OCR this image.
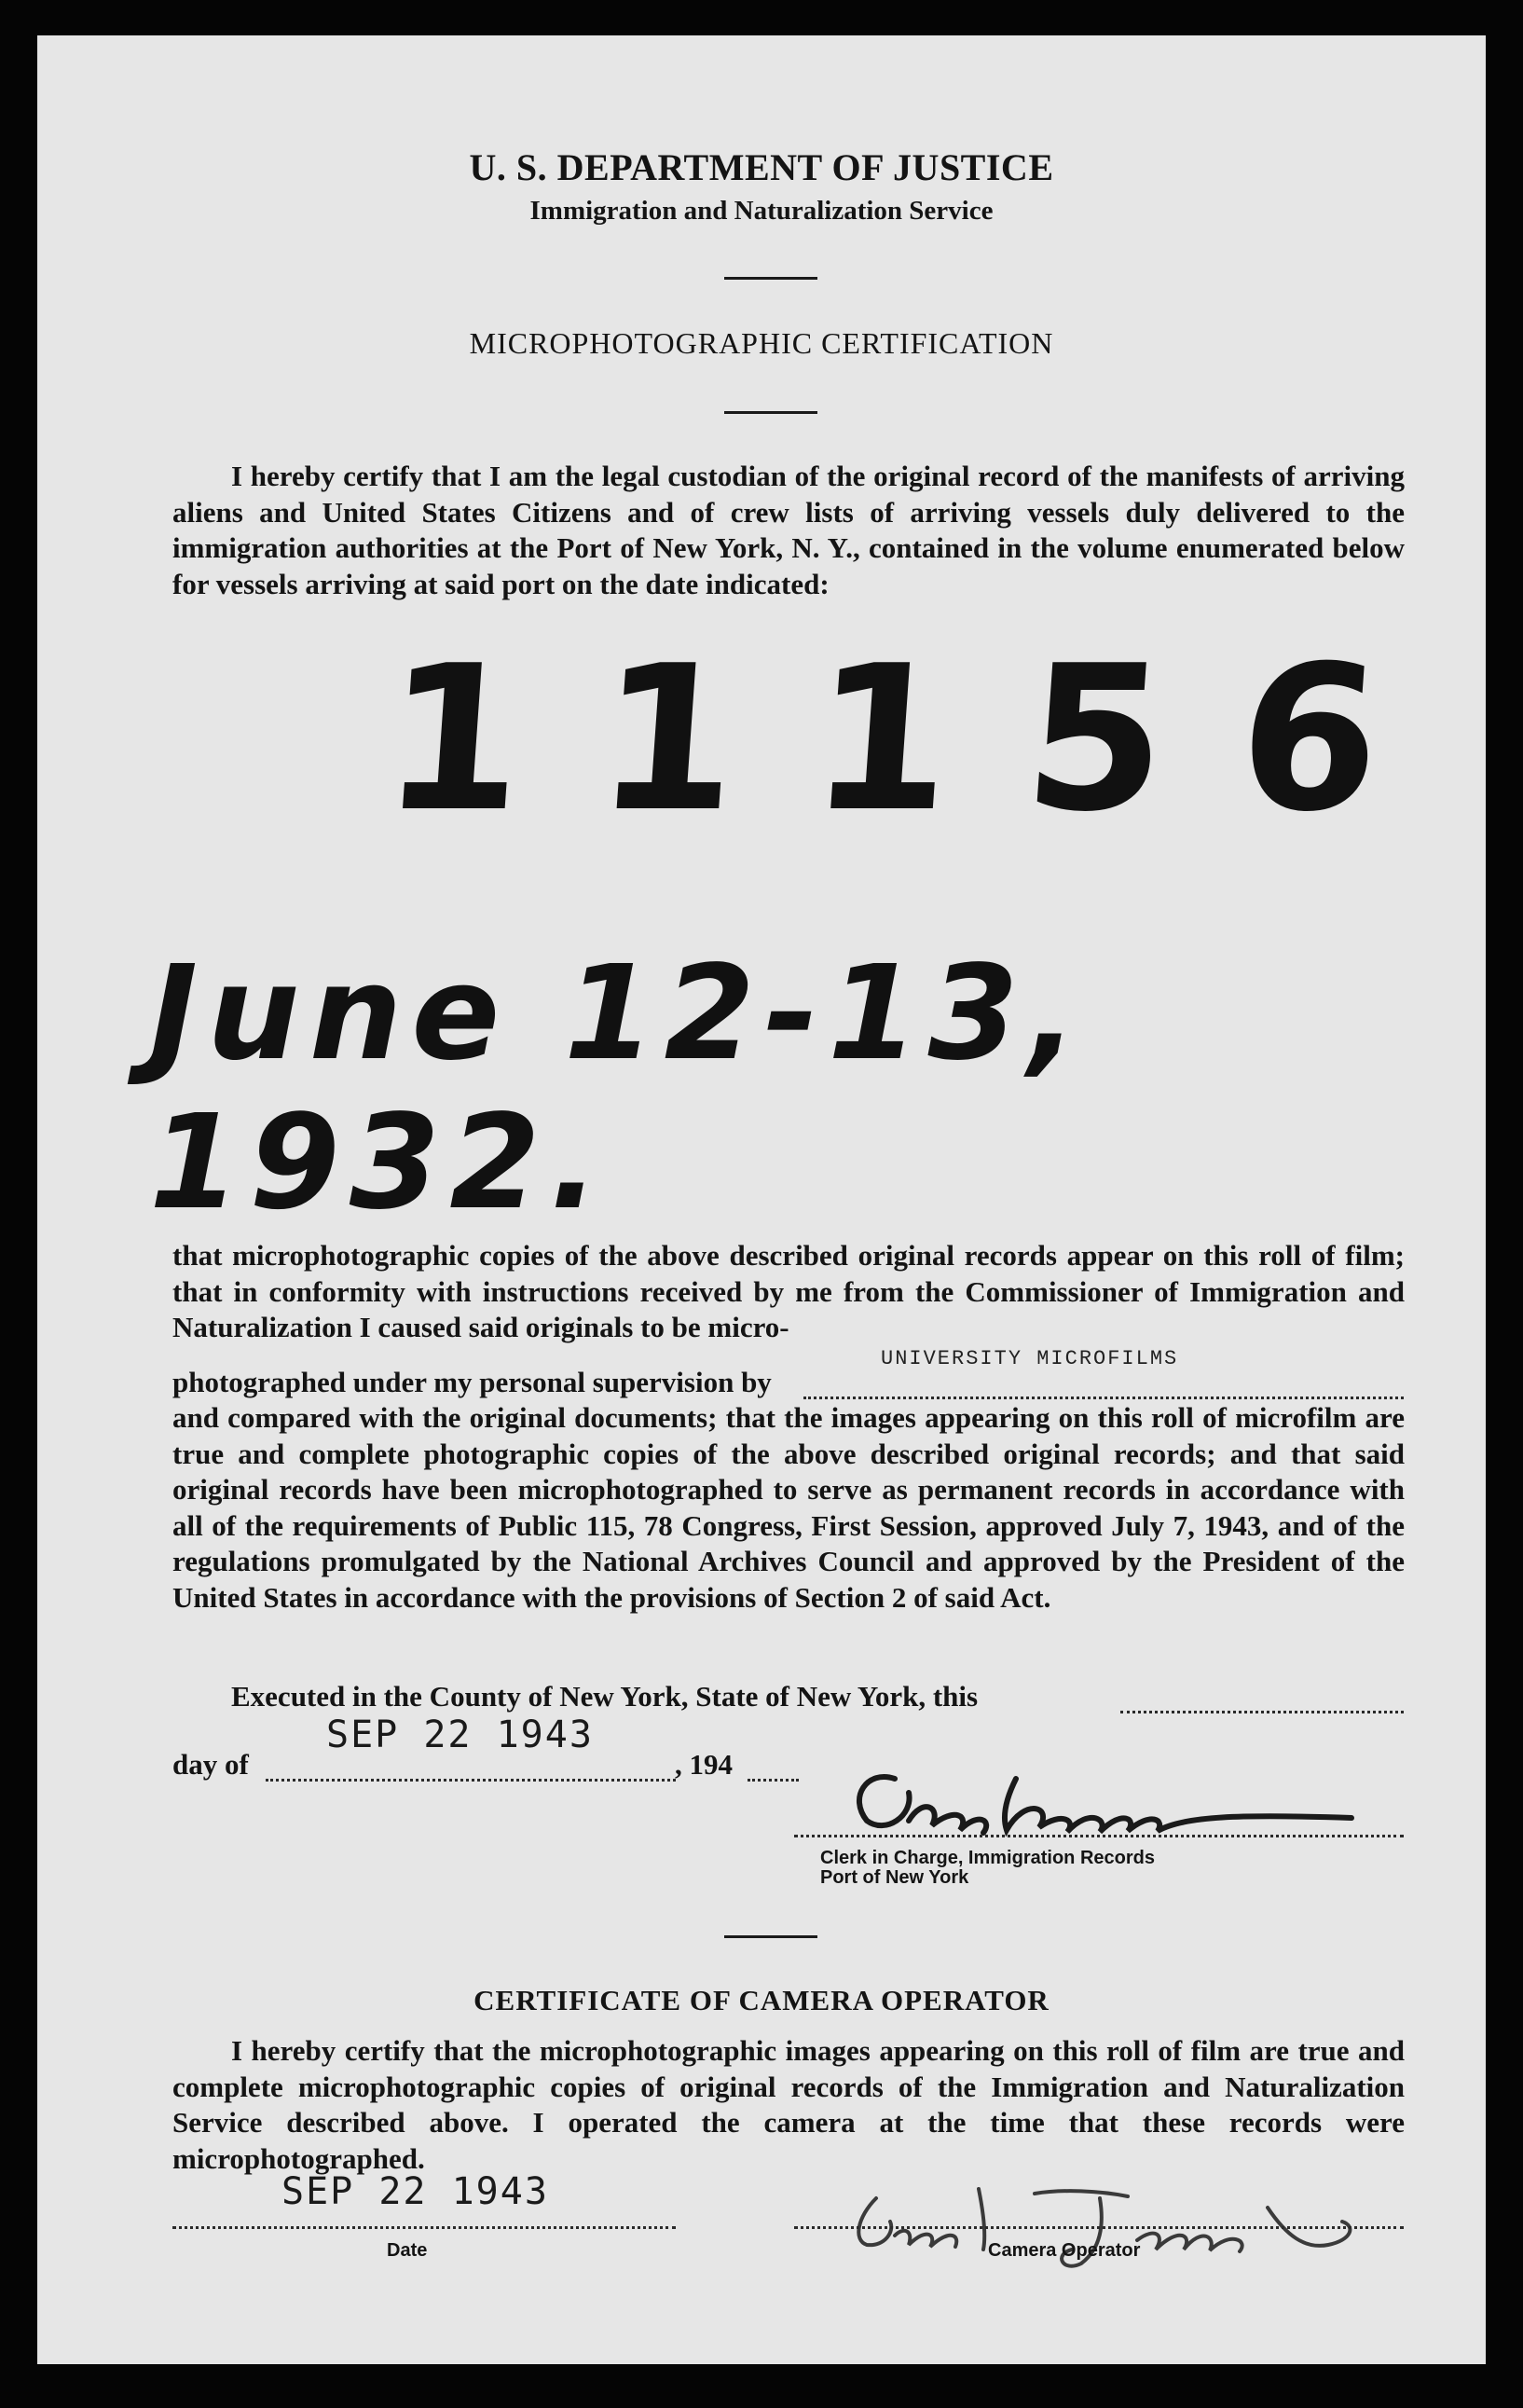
U. S. DEPARTMENT OF JUSTICE
Immigration and Naturalization Service
MICROPHOTOGRAPHIC CERTIFICATION
I hereby certify that I am the legal custodian of the original record of the manifests of arriving aliens and United States Citizens and of crew lists of arriving vessels duly delivered to the immigration authorities at the Port of New York, N. Y., contained in the volume enumerated below for vessels arriving at said port on the date indicated:
11156
June 12-13, 1932.
that microphotographic copies of the above described original records appear on this roll of film; that in conformity with instructions received by me from the Commissioner of Immigration and Naturalization I caused said originals to be micro-
photographed under my personal supervision by
UNIVERSITY MICROFILMS
and compared with the original documents; that the images appearing on this roll of microfilm are true and complete photographic copies of the above described original records; and that said original records have been microphotographed to serve as permanent records in accordance with all of the requirements of Public 115, 78 Congress, First Session, approved July 7, 1943, and of the regulations promulgated by the National Archives Council and approved by the President of the United States in accordance with the provisions of Section 2 of said Act.
Executed in the County of New York, State of New York, this
day of
SEP 22 1943
, 194
Clerk in Charge, Immigration Records
Port of New York
CERTIFICATE OF CAMERA OPERATOR
I hereby certify that the microphotographic images appearing on this roll of film are true and complete microphotographic copies of original records of the Immigration and Naturalization Service described above. I operated the camera at the time that these records were microphotographed.
SEP 22 1943
Date	Camera Operator
